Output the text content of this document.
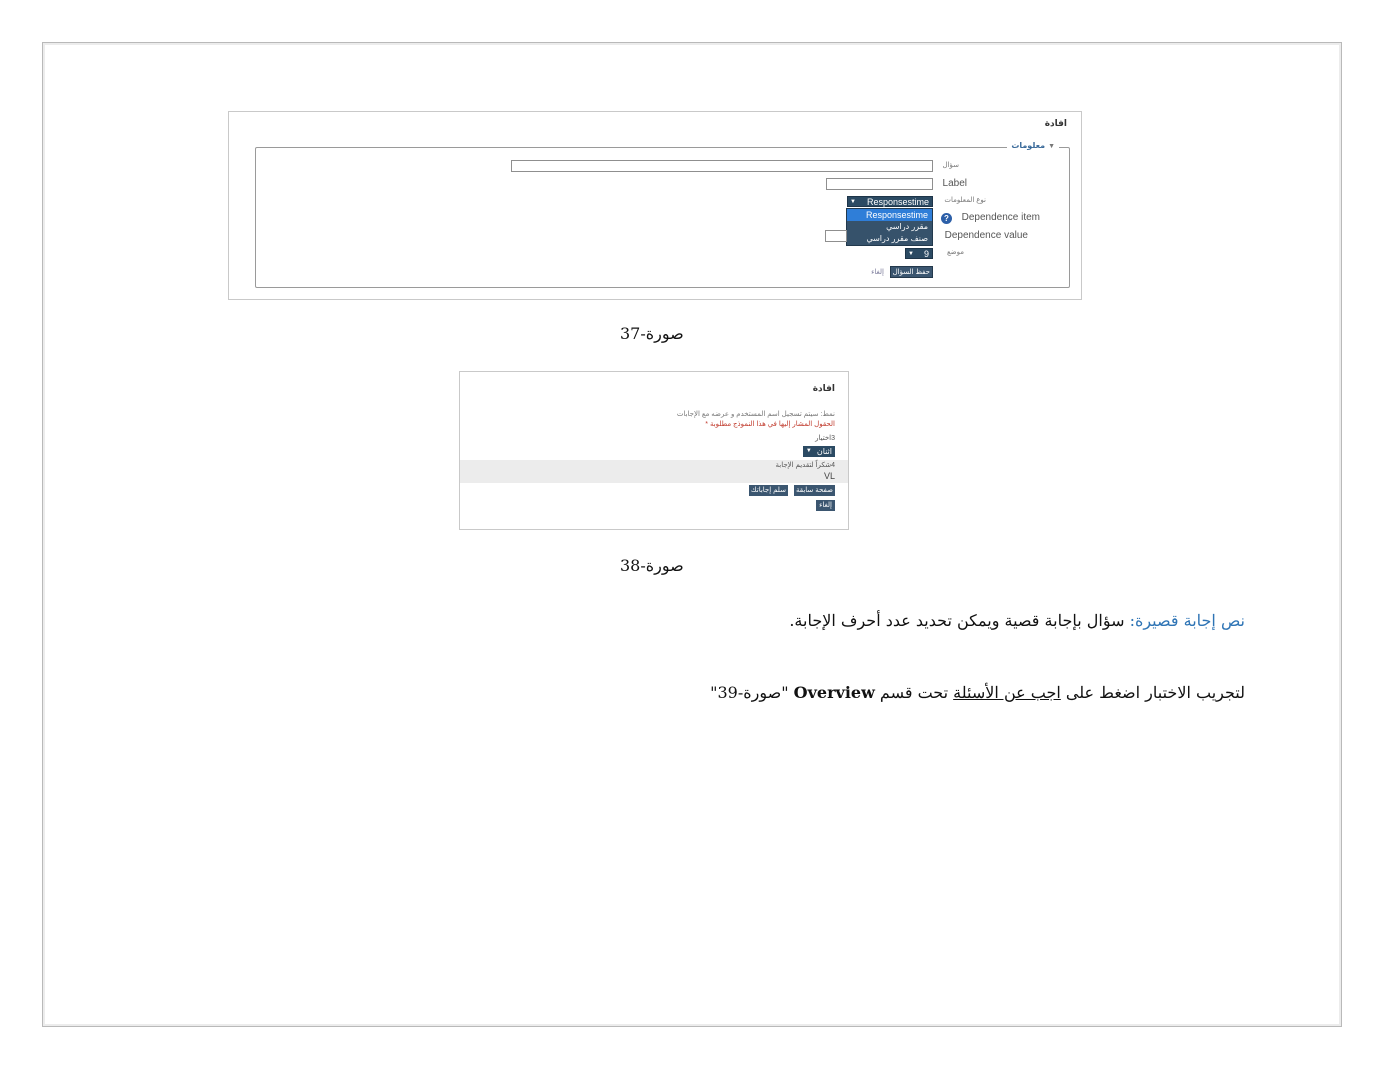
افادة
▼معلومات
سؤال
Label
نوع المعلومات
Responsestime
▼
Responsestime
مقرر دراسي
صنف مقرر دراسي
?	Dependence item
Dependence value
موضع
9
▼
حفظ السؤال
إلغاء
صورة-37
افادة
نمط: سيتم تسجيل اسم المستخدم و عرضه مع الإجابات
الحقول المشار إليها في هذا النموذج مطلوبة *
3اختيار
اثنان
▼
4شكراً لتقديم الإجابة
VL
صفحة سابقة
سلم إجاباتك
إلغاء
صورة-38
نص إجابة قصيرة: سؤال بإجابة قصية ويمكن تحديد عدد أحرف الإجابة.
لتجريب الاختبار اضغط على اجب عن الأسئلة تحت قسم Overview "صورة-39"
